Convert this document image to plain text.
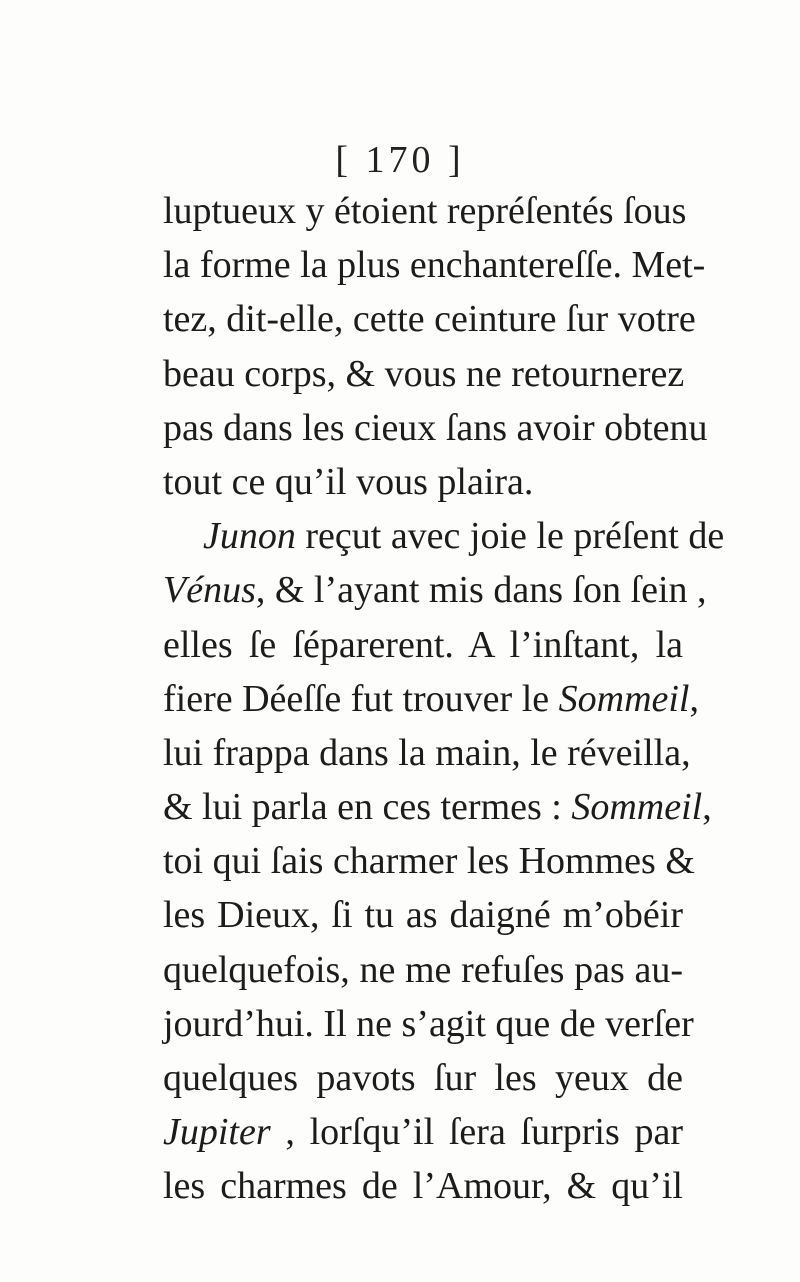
[ 170 ]
luptueux y étoient repréſentés ſous
la forme la plus enchantereſſe. Met-
tez, dit-elle, cette ceinture ſur votre
beau corps, & vous ne retournerez
pas dans les cieux ſans avoir obtenu
tout ce qu’il vous plaira.
Junon reçut avec joie le préſent de
Vénus, & l’ayant mis dans ſon ſein ,
elles ſe ſéparerent. A l’inſtant, la
fiere Déeſſe fut trouver le Sommeil,
lui frappa dans la main, le réveilla,
& lui parla en ces termes : Sommeil,
toi qui ſais charmer les Hommes &
les Dieux, ſi tu as daigné m’obéir
quelquefois, ne me refuſes pas au-
jourd’hui. Il ne s’agit que de verſer
quelques pavots ſur les yeux de
Jupiter , lorſqu’il ſera ſurpris par
les charmes de l’Amour, & qu’il
